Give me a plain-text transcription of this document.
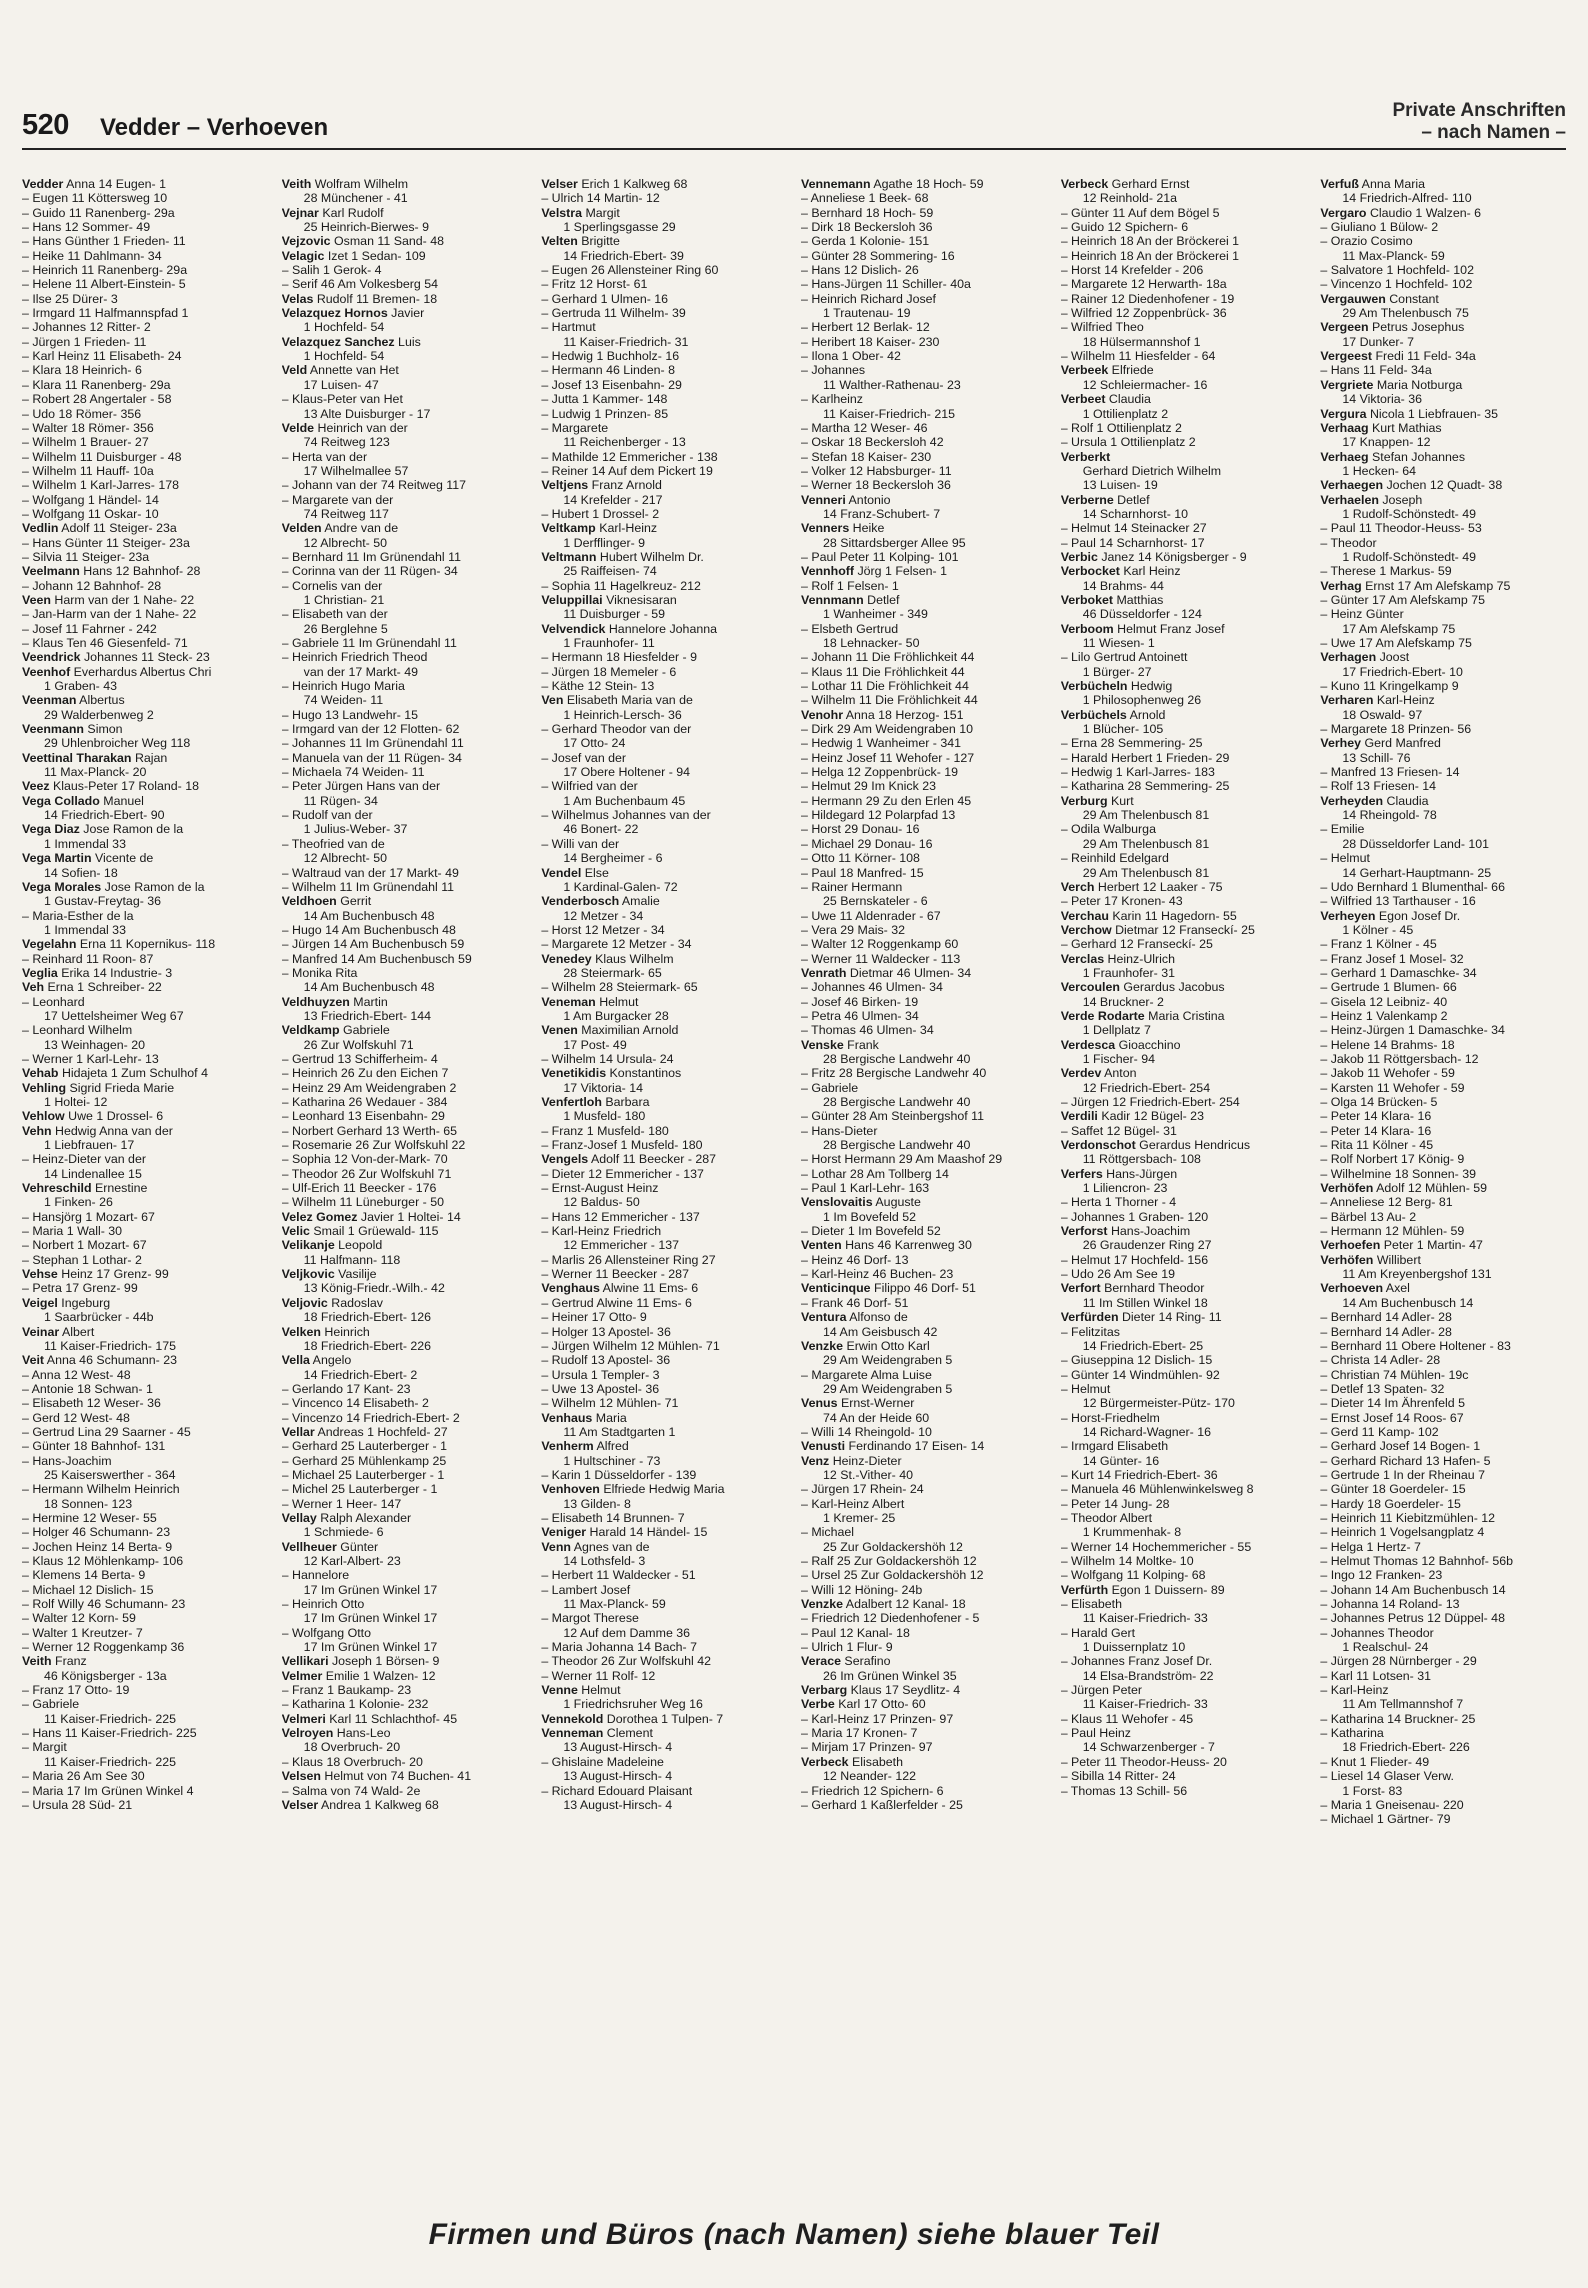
520 Vedder – Verhoeven
Private Anschriften
– nach Namen –
Vedder Anna 14 Eugen- 1
– Eugen 11 Köttersweg 10
– Guido 11 Ranenberg- 29a
– Hans 12 Sommer- 49
– Hans Günther 1 Frieden- 11
– Heike 11 Dahlmann- 34
– Heinrich 11 Ranenberg- 29a
– Helene 11 Albert-Einstein- 5
– Ilse 25 Dürer- 3
– Irmgard 11 Halfmannspfad 1
– Johannes 12 Ritter- 2
– Jürgen 1 Frieden- 11
– Karl Heinz 11 Elisabeth- 24
– Klara 18 Heinrich- 6
– Klara 11 Ranenberg- 29a
– Robert 28 Angertaler - 58
– Udo 18 Römer- 356
– Walter 18 Römer- 356
– Wilhelm 1 Brauer- 27
– Wilhelm 11 Duisburger - 48
– Wilhelm 11 Hauff- 10a
– Wilhelm 1 Karl-Jarres- 178
– Wolfgang 1 Händel- 14
– Wolfgang 11 Oskar- 10
Vedlin Adolf 11 Steiger- 23a
– Hans Günter 11 Steiger- 23a
– Silvia 11 Steiger- 23a
Veelmann Hans 12 Bahnhof- 28
– Johann 12 Bahnhof- 28
Veen Harm van der 1 Nahe- 22
– Jan-Harm van der 1 Nahe- 22
– Josef 11 Fahrner - 242
– Klaus Ten 46 Giesenfeld- 71
Veendrick Johannes 11 Steck- 23
Veenhof Everhardus Albertus Chri
1 Graben- 43
Veenman Albertus
29 Walderbenweg 2
Veenmann Simon
29 Uhlenbroicher Weg 118
Veettinal Tharakan Rajan
11 Max-Planck- 20
Veez Klaus-Peter 17 Roland- 18
Vega Collado Manuel
14 Friedrich-Ebert- 90
Vega Diaz Jose Ramon de la
1 Immendal 33
Vega Martin Vicente de
14 Sofien- 18
Vega Morales Jose Ramon de la
1 Gustav-Freytag- 36
– Maria-Esther de la
1 Immendal 33
Vegelahn Erna 11 Kopernikus- 118
– Reinhard 11 Roon- 87
Veglia Erika 14 Industrie- 3
Veh Erna 1 Schreiber- 22
– Leonhard
17 Uettelsheimer Weg 67
– Leonhard Wilhelm
13 Weinhagen- 20
– Werner 1 Karl-Lehr- 13
Vehab Hidajeta 1 Zum Schulhof 4
Vehling Sigrid Frieda Marie
1 Holtei- 12
Vehlow Uwe 1 Drossel- 6
Vehn Hedwig Anna van der
1 Liebfrauen- 17
– Heinz-Dieter van der
14 Lindenallee 15
Vehreschild Ernestine
1 Finken- 26
– Hansjörg 1 Mozart- 67
– Maria 1 Wall- 30
– Norbert 1 Mozart- 67
– Stephan 1 Lothar- 2
Vehse Heinz 17 Grenz- 99
– Petra 17 Grenz- 99
Veigel Ingeburg
1 Saarbrücker - 44b
Veinar Albert
11 Kaiser-Friedrich- 175
Veit Anna 46 Schumann- 23
– Anna 12 West- 48
– Antonie 18 Schwan- 1
– Elisabeth 12 Weser- 36
– Gerd 12 West- 48
– Gertrud Lina 29 Saarner - 45
– Günter 18 Bahnhof- 131
– Hans-Joachim
25 Kaiserswerther - 364
– Hermann Wilhelm Heinrich
18 Sonnen- 123
– Hermine 12 Weser- 55
– Holger 46 Schumann- 23
– Jochen Heinz 14 Berta- 9
– Klaus 12 Möhlenkamp- 106
– Klemens 14 Berta- 9
– Michael 12 Dislich- 15
– Rolf Willy 46 Schumann- 23
– Walter 12 Korn- 59
– Walter 1 Kreutzer- 7
– Werner 12 Roggenkamp 36
Veith Franz
46 Königsberger - 13a
– Franz 17 Otto- 19
– Gabriele
11 Kaiser-Friedrich- 225
– Hans 11 Kaiser-Friedrich- 225
– Margit
11 Kaiser-Friedrich- 225
– Maria 26 Am See 30
– Maria 17 Im Grünen Winkel 4
– Ursula 28 Süd- 21
Veith Wolfram Wilhelm
28 Münchener - 41
Vejnar Karl Rudolf
25 Heinrich-Bierwes- 9
Vejzovic Osman 11 Sand- 48
Velagic Izet 1 Sedan- 109
– Salih 1 Gerok- 4
– Serif 46 Am Volkesberg 54
Velas Rudolf 11 Bremen- 18
Velazquez Hornos Javier
1 Hochfeld- 54
Velazquez Sanchez Luis
1 Hochfeld- 54
Veld Annette van Het
17 Luisen- 47
– Klaus-Peter van Het
13 Alte Duisburger - 17
Velde Heinrich van der
74 Reitweg 123
– Herta van der
17 Wilhelmallee 57
– Johann van der 74 Reitweg 117
– Margarete van der
74 Reitweg 117
Velden Andre van de
12 Albrecht- 50
– Bernhard 11 Im Grünendahl 11
– Corinna van der 11 Rügen- 34
– Cornelis van der
1 Christian- 21
– Elisabeth van der
26 Berglehne 5
– Gabriele 11 Im Grünendahl 11
– Heinrich Friedrich Theod
van der 17 Markt- 49
– Heinrich Hugo Maria
74 Weiden- 11
– Hugo 13 Landwehr- 15
– Irmgard van der 12 Flotten- 62
– Johannes 11 Im Grünendahl 11
– Manuela van der 11 Rügen- 34
– Michaela 74 Weiden- 11
– Peter Jürgen Hans van der
11 Rügen- 34
– Rudolf van der
1 Julius-Weber- 37
– Theofried van de
12 Albrecht- 50
– Waltraud van der 17 Markt- 49
– Wilhelm 11 Im Grünendahl 11
Veldhoen Gerrit
14 Am Buchenbusch 48
– Hugo 14 Am Buchenbusch 48
– Jürgen 14 Am Buchenbusch 59
– Manfred 14 Am Buchenbusch 59
– Monika Rita
14 Am Buchenbusch 48
Veldhuyzen Martin
13 Friedrich-Ebert- 144
Veldkamp Gabriele
26 Zur Wolfskuhl 71
– Gertrud 13 Schifferheim- 4
– Heinrich 26 Zu den Eichen 7
– Heinz 29 Am Weidengraben 2
– Katharina 26 Wedauer - 384
– Leonhard 13 Eisenbahn- 29
– Norbert Gerhard 13 Werth- 65
– Rosemarie 26 Zur Wolfskuhl 22
– Sophia 12 Von-der-Mark- 70
– Theodor 26 Zur Wolfskuhl 71
– Ulf-Erich 11 Beecker - 176
– Wilhelm 11 Lüneburger - 50
Velez Gomez Javier 1 Holtei- 14
Velic Smail 1 Grüewald- 115
Velikanje Leopold
11 Halfmann- 118
Veljkovic Vasilije
13 König-Friedr.-Wilh.- 42
Veljovic Radoslav
18 Friedrich-Ebert- 126
Velken Heinrich
18 Friedrich-Ebert- 226
Vella Angelo
14 Friedrich-Ebert- 2
– Gerlando 17 Kant- 23
– Vincenco 14 Elisabeth- 2
– Vincenzo 14 Friedrich-Ebert- 2
Vellar Andreas 1 Hochfeld- 27
– Gerhard 25 Lauterberger - 1
– Gerhard 25 Mühlenkamp 25
– Michael 25 Lauterberger - 1
– Michel 25 Lauterberger - 1
– Werner 1 Heer- 147
Vellay Ralph Alexander
1 Schmiede- 6
Vellheuer Günter
12 Karl-Albert- 23
– Hannelore
17 Im Grünen Winkel 17
– Heinrich Otto
17 Im Grünen Winkel 17
– Wolfgang Otto
17 Im Grünen Winkel 17
Vellikari Joseph 1 Börsen- 9
Velmer Emilie 1 Walzen- 12
– Franz 1 Baukamp- 23
– Katharina 1 Kolonie- 232
Velmeri Karl 11 Schlachthof- 45
Velroyen Hans-Leo
18 Overbruch- 20
– Klaus 18 Overbruch- 20
Velsen Helmut von 74 Buchen- 41
– Salma von 74 Wald- 2e
Velser Andrea 1 Kalkweg 68
Velser Erich 1 Kalkweg 68
– Ulrich 14 Martin- 12
Velstra Margit
1 Sperlingsgasse 29
Velten Brigitte
14 Friedrich-Ebert- 39
– Eugen 26 Allensteiner Ring 60
– Fritz 12 Horst- 61
– Gerhard 1 Ulmen- 16
– Gertruda 11 Wilhelm- 39
– Hartmut
11 Kaiser-Friedrich- 31
– Hedwig 1 Buchholz- 16
– Hermann 46 Linden- 8
– Josef 13 Eisenbahn- 29
– Jutta 1 Kammer- 148
– Ludwig 1 Prinzen- 85
– Margarete
11 Reichenberger - 13
– Mathilde 12 Emmericher - 138
– Reiner 14 Auf dem Pickert 19
Veltjens Franz Arnold
14 Krefelder - 217
– Hubert 1 Drossel- 2
Veltkamp Karl-Heinz
1 Derfflinger- 9
Veltmann Hubert Wilhelm Dr.
25 Raiffeisen- 74
– Sophia 11 Hagelkreuz- 212
Veluppillai Viknesisaran
11 Duisburger - 59
Velvendick Hannelore Johanna
1 Fraunhofer- 11
– Hermann 18 Hiesfelder - 9
– Jürgen 18 Memeler - 6
– Käthe 12 Stein- 13
Ven Elisabeth Maria van de
1 Heinrich-Lersch- 36
– Gerhard Theodor van der
17 Otto- 24
– Josef van der
17 Obere Holtener - 94
– Wilfried van der
1 Am Buchenbaum 45
– Wilhelmus Johannes van der
46 Bonert- 22
– Willi van der
14 Bergheimer - 6
Vendel Else
1 Kardinal-Galen- 72
Venderbosch Amalie
12 Metzer - 34
– Horst 12 Metzer - 34
– Margarete 12 Metzer - 34
Venedey Klaus Wilhelm
28 Steiermark- 65
– Wilhelm 28 Steiermark- 65
Veneman Helmut
1 Am Burgacker 28
Venen Maximilian Arnold
17 Post- 49
– Wilhelm 14 Ursula- 24
Venetikidis Konstantinos
17 Viktoria- 14
Venfertloh Barbara
1 Musfeld- 180
– Franz 1 Musfeld- 180
– Franz-Josef 1 Musfeld- 180
Vengels Adolf 11 Beecker - 287
– Dieter 12 Emmericher - 137
– Ernst-August Heinz
12 Baldus- 50
– Hans 12 Emmericher - 137
– Karl-Heinz Friedrich
12 Emmericher - 137
– Marlis 26 Allensteiner Ring 27
– Werner 11 Beecker - 287
Venghaus Alwine 11 Ems- 6
– Gertrud Alwine 11 Ems- 6
– Heiner 17 Otto- 9
– Holger 13 Apostel- 36
– Jürgen Wilhelm 12 Mühlen- 71
– Rudolf 13 Apostel- 36
– Ursula 1 Templer- 3
– Uwe 13 Apostel- 36
– Wilhelm 12 Mühlen- 71
Venhaus Maria
11 Am Stadtgarten 1
Venherm Alfred
1 Hultschiner - 73
– Karin 1 Düsseldorfer - 139
Venhoven Elfriede Hedwig Maria
13 Gilden- 8
– Elisabeth 14 Brunnen- 7
Veniger Harald 14 Händel- 15
Venn Agnes van de
14 Lothsfeld- 3
– Herbert 11 Waldecker - 51
– Lambert Josef
11 Max-Planck- 59
– Margot Therese
12 Auf dem Damme 36
– Maria Johanna 14 Bach- 7
– Theodor 26 Zur Wolfskuhl 42
– Werner 11 Rolf- 12
Venne Helmut
1 Friedrichsruher Weg 16
Vennekold Dorothea 1 Tulpen- 7
Venneman Clement
13 August-Hirsch- 4
– Ghislaine Madeleine
13 August-Hirsch- 4
– Richard Edouard Plaisant
13 August-Hirsch- 4
Vennemann Agathe 18 Hoch- 59
– Anneliese 1 Beek- 68
– Bernhard 18 Hoch- 59
– Dirk 18 Beckersloh 36
– Gerda 1 Kolonie- 151
– Günter 28 Sommering- 16
– Hans 12 Dislich- 26
– Hans-Jürgen 11 Schiller- 40a
– Heinrich Richard Josef
1 Trautenau- 19
– Herbert 12 Berlak- 12
– Heribert 18 Kaiser- 230
– Ilona 1 Ober- 42
– Johannes
11 Walther-Rathenau- 23
– Karlheinz
11 Kaiser-Friedrich- 215
– Martha 12 Weser- 46
– Oskar 18 Beckersloh 42
– Stefan 18 Kaiser- 230
– Volker 12 Habsburger- 11
– Werner 18 Beckersloh 36
Venneri Antonio
14 Franz-Schubert- 7
Venners Heike
28 Sittardsberger Allee 95
– Paul Peter 11 Kolping- 101
Vennhoff Jörg 1 Felsen- 1
– Rolf 1 Felsen- 1
Vennmann Detlef
1 Wanheimer - 349
– Elsbeth Gertrud
18 Lehnacker- 50
– Johann 11 Die Fröhlichkeit 44
– Klaus 11 Die Fröhlichkeit 44
– Lothar 11 Die Fröhlichkeit 44
– Wilhelm 11 Die Fröhlichkeit 44
Venohr Anna 18 Herzog- 151
– Dirk 29 Am Weidengraben 10
– Hedwig 1 Wanheimer - 341
– Heinz Josef 11 Wehofer - 127
– Helga 12 Zoppenbrück- 19
– Helmut 29 Im Knick 23
– Hermann 29 Zu den Erlen 45
– Hildegard 12 Polarpfad 13
– Horst 29 Donau- 16
– Michael 29 Donau- 16
– Otto 11 Körner- 108
– Paul 18 Manfred- 15
– Rainer Hermann
25 Bernskateler - 6
– Uwe 11 Aldenrader - 67
– Vera 29 Mais- 32
– Walter 12 Roggenkamp 60
– Werner 11 Waldecker - 113
Venrath Dietmar 46 Ulmen- 34
– Johannes 46 Ulmen- 34
– Josef 46 Birken- 19
– Petra 46 Ulmen- 34
– Thomas 46 Ulmen- 34
Venske Frank
28 Bergische Landwehr 40
– Fritz 28 Bergische Landwehr 40
– Gabriele
28 Bergische Landwehr 40
– Günter 28 Am Steinbergshof 11
– Hans-Dieter
28 Bergische Landwehr 40
– Horst Hermann 29 Am Maashof 29
– Lothar 28 Am Tollberg 14
– Paul 1 Karl-Lehr- 163
Venslovaitis Auguste
1 Im Bovefeld 52
– Dieter 1 Im Bovefeld 52
Venten Hans 46 Karrenweg 30
– Heinz 46 Dorf- 13
– Karl-Heinz 46 Buchen- 23
Venticinque Filippo 46 Dorf- 51
– Frank 46 Dorf- 51
Ventura Alfonso de
14 Am Geisbusch 42
Venzke Erwin Otto Karl
29 Am Weidengraben 5
– Margarete Alma Luise
29 Am Weidengraben 5
Venus Ernst-Werner
74 An der Heide 60
– Willi 14 Rheingold- 10
Venusti Ferdinando 17 Eisen- 14
Venz Heinz-Dieter
12 St.-Vither- 40
– Jürgen 17 Rhein- 24
– Karl-Heinz Albert
1 Kremer- 25
– Michael
25 Zur Goldackershöh 12
– Ralf 25 Zur Goldackershöh 12
– Ursel 25 Zur Goldackershöh 12
– Willi 12 Höning- 24b
Venzke Adalbert 12 Kanal- 18
– Friedrich 12 Diedenhofener - 5
– Paul 12 Kanal- 18
– Ulrich 1 Flur- 9
Verace Serafino
26 Im Grünen Winkel 35
Verbarg Klaus 17 Seydlitz- 4
Verbe Karl 17 Otto- 60
– Karl-Heinz 17 Prinzen- 97
– Maria 17 Kronen- 7
– Mirjam 17 Prinzen- 97
Verbeck Elisabeth
12 Neander- 122
– Friedrich 12 Spichern- 6
– Gerhard 1 Kaßlerfelder - 25
Verbeck Gerhard Ernst
12 Reinhold- 21a
– Günter 11 Auf dem Bögel 5
– Guido 12 Spichern- 6
– Heinrich 18 An der Bröckerei 1
– Heinrich 18 An der Bröckerei 1
– Horst 14 Krefelder - 206
– Margarete 12 Herwarth- 18a
– Rainer 12 Diedenhofener - 19
– Wilfried 12 Zoppenbrück- 36
– Wilfried Theo
18 Hülsermannshof 1
– Wilhelm 11 Hiesfelder - 64
Verbeek Elfriede
12 Schleiermacher- 16
Verbeet Claudia
1 Ottilienplatz 2
– Rolf 1 Ottilienplatz 2
– Ursula 1 Ottilienplatz 2
Verberkt
Gerhard Dietrich Wilhelm
13 Luisen- 19
Verberne Detlef
14 Scharnhorst- 10
– Helmut 14 Steinacker 27
– Paul 14 Scharnhorst- 17
Verbic Janez 14 Königsberger - 9
Verbocket Karl Heinz
14 Brahms- 44
Verboket Matthias
46 Düsseldorfer - 124
Verboom Helmut Franz Josef
11 Wiesen- 1
– Lilo Gertrud Antoinett
1 Bürger- 27
Verbücheln Hedwig
1 Philosophenweg 26
Verbüchels Arnold
1 Blücher- 105
– Erna 28 Semmering- 25
– Harald Herbert 1 Frieden- 29
– Hedwig 1 Karl-Jarres- 183
– Katharina 28 Semmering- 25
Verburg Kurt
29 Am Thelenbusch 81
– Odila Walburga
29 Am Thelenbusch 81
– Reinhild Edelgard
29 Am Thelenbusch 81
Verch Herbert 12 Laaker - 75
– Peter 17 Kronen- 43
Verchau Karin 11 Hagedorn- 55
Verchow Dietmar 12 Franseckí- 25
– Gerhard 12 Franseckí- 25
Verclas Heinz-Ulrich
1 Fraunhofer- 31
Vercoulen Gerardus Jacobus
14 Bruckner- 2
Verde Rodarte Maria Cristina
1 Dellplatz 7
Verdesca Gioacchino
1 Fischer- 94
Verdev Anton
12 Friedrich-Ebert- 254
– Jürgen 12 Friedrich-Ebert- 254
Verdili Kadir 12 Bügel- 23
– Saffet 12 Bügel- 31
Verdonschot Gerardus Hendricus
11 Röttgersbach- 108
Verfers Hans-Jürgen
1 Liliencron- 23
– Herta 1 Thorner - 4
– Johannes 1 Graben- 120
Verforst Hans-Joachim
26 Graudenzer Ring 27
– Helmut 17 Hochfeld- 156
– Udo 26 Am See 19
Verfort Bernhard Theodor
11 Im Stillen Winkel 18
Verfürden Dieter 14 Ring- 11
– Felitzitas
14 Friedrich-Ebert- 25
– Giuseppina 12 Dislich- 15
– Günter 14 Windmühlen- 92
– Helmut
12 Bürgermeister-Pütz- 170
– Horst-Friedhelm
14 Richard-Wagner- 16
– Irmgard Elisabeth
14 Günter- 16
– Kurt 14 Friedrich-Ebert- 36
– Manuela 46 Mühlenwinkelsweg 8
– Peter 14 Jung- 28
– Theodor Albert
1 Krummenhak- 8
– Werner 14 Hochemmericher - 55
– Wilhelm 14 Moltke- 10
– Wolfgang 11 Kolping- 68
Verfürth Egon 1 Duissern- 89
– Elisabeth
11 Kaiser-Friedrich- 33
– Harald Gert
1 Duissernplatz 10
– Johannes Franz Josef Dr.
14 Elsa-Brandström- 22
– Jürgen Peter
11 Kaiser-Friedrich- 33
– Klaus 11 Wehofer - 45
– Paul Heinz
14 Schwarzenberger - 7
– Peter 11 Theodor-Heuss- 20
– Sibilla 14 Ritter- 24
– Thomas 13 Schill- 56
Verfuß Anna Maria
14 Friedrich-Alfred- 110
Vergaro Claudio 1 Walzen- 6
– Giuliano 1 Bülow- 2
– Orazio Cosimo
11 Max-Planck- 59
– Salvatore 1 Hochfeld- 102
– Vincenzo 1 Hochfeld- 102
Vergauwen Constant
29 Am Thelenbusch 75
Vergeen Petrus Josephus
17 Dunker- 7
Vergeest Fredi 11 Feld- 34a
– Hans 11 Feld- 34a
Vergriete Maria Notburga
14 Viktoria- 36
Vergura Nicola 1 Liebfrauen- 35
Verhaag Kurt Mathias
17 Knappen- 12
Verhaeg Stefan Johannes
1 Hecken- 64
Verhaegen Jochen 12 Quadt- 38
Verhaelen Joseph
1 Rudolf-Schönstedt- 49
– Paul 11 Theodor-Heuss- 53
– Theodor
1 Rudolf-Schönstedt- 49
– Therese 1 Markus- 59
Verhag Ernst 17 Am Alefskamp 75
– Günter 17 Am Alefskamp 75
– Heinz Günter
17 Am Alefskamp 75
– Uwe 17 Am Alefskamp 75
Verhagen Joost
17 Friedrich-Ebert- 10
– Kuno 11 Kringelkamp 9
Verharen Karl-Heinz
18 Oswald- 97
– Margarete 18 Prinzen- 56
Verhey Gerd Manfred
13 Schill- 76
– Manfred 13 Friesen- 14
– Rolf 13 Friesen- 14
Verheyden Claudia
14 Rheingold- 78
– Emilie
28 Düsseldorfer Land- 101
– Helmut
14 Gerhart-Hauptmann- 25
– Udo Bernhard 1 Blumenthal- 66
– Wilfried 13 Tarthauser - 16
Verheyen Egon Josef Dr.
1 Kölner - 45
– Franz 1 Kölner - 45
– Franz Josef 1 Mosel- 32
– Gerhard 1 Damaschke- 34
– Gertrude 1 Blumen- 66
– Gisela 12 Leibniz- 40
– Heinz 1 Valenkamp 2
– Heinz-Jürgen 1 Damaschke- 34
– Helene 14 Brahms- 18
– Jakob 11 Röttgersbach- 12
– Jakob 11 Wehofer - 59
– Karsten 11 Wehofer - 59
– Olga 14 Brücken- 5
– Peter 14 Klara- 16
– Peter 14 Klara- 16
– Rita 11 Kölner - 45
– Rolf Norbert 17 König- 9
– Wilhelmine 18 Sonnen- 39
Verhöfen Adolf 12 Mühlen- 59
– Anneliese 12 Berg- 81
– Bärbel 13 Au- 2
– Hermann 12 Mühlen- 59
Verhoefen Peter 1 Martin- 47
Verhöfen Willibert
11 Am Kreyenbergshof 131
Verhoeven Axel
14 Am Buchenbusch 14
– Bernhard 14 Adler- 28
– Bernhard 14 Adler- 28
– Bernhard 11 Obere Holtener - 83
– Christa 14 Adler- 28
– Christian 74 Mühlen- 19c
– Detlef 13 Spaten- 32
– Dieter 14 Im Ährenfeld 5
– Ernst Josef 14 Roos- 67
– Gerd 11 Kamp- 102
– Gerhard Josef 14 Bogen- 1
– Gerhard Richard 13 Hafen- 5
– Gertrude 1 In der Rheinau 7
– Günter 18 Goerdeler- 15
– Hardy 18 Goerdeler- 15
– Heinrich 11 Kiebitzmühlen- 12
– Heinrich 1 Vogelsangplatz 4
– Helga 1 Hertz- 7
– Helmut Thomas 12 Bahnhof- 56b
– Ingo 12 Franken- 23
– Johann 14 Am Buchenbusch 14
– Johanna 14 Roland- 13
– Johannes Petrus 12 Düppel- 48
– Johannes Theodor
1 Realschul- 24
– Jürgen 28 Nürnberger - 29
– Karl 11 Lotsen- 31
– Karl-Heinz
11 Am Tellmannshof 7
– Katharina 14 Bruckner- 25
– Katharina
18 Friedrich-Ebert- 226
– Knut 1 Flieder- 49
– Liesel 14 Glaser Verw.
1 Forst- 83
– Maria 1 Gneisenau- 220
– Michael 1 Gärtner- 79
Firmen und Büros (nach Namen) siehe blauer Teil
